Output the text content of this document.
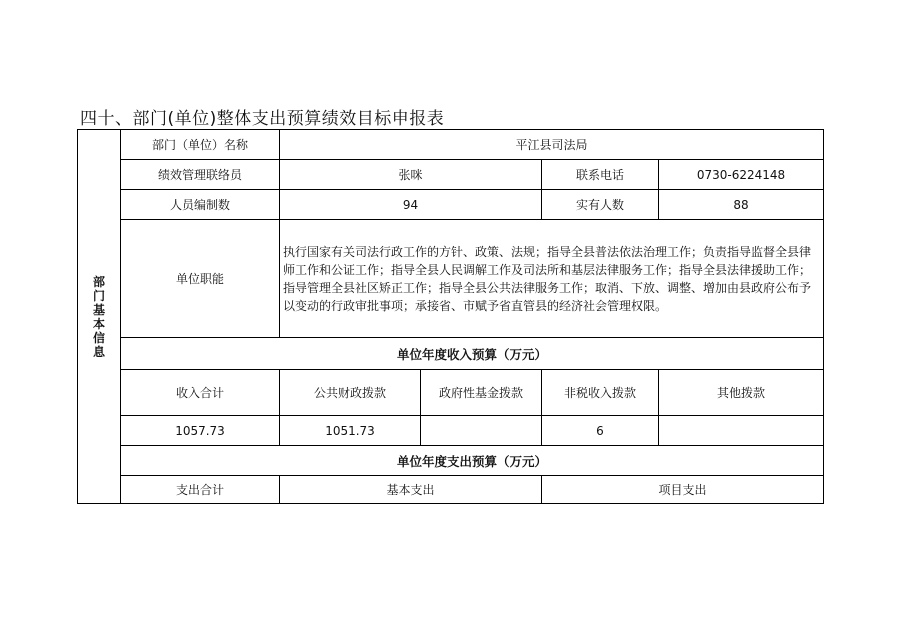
四十、部门(单位)整体支出预算绩效目标申报表
部门基本信息	部门（单位）名称	平江县司法局			
	绩效管理联络员	张咪		联系电话	0730-6224148
	人员编制数	94		实有人数	88
	单位职能	执行国家有关司法行政工作的方针、政策、法规；指导全县普法依法治理工作；负责指导监督全县律师工作和公证工作；指导全县人民调解工作及司法所和基层法律服务工作；指导全县法律援助工作；指导管理全县社区矫正工作；指导全县公共法律服务工作；取消、下放、调整、增加由县政府公布予以变动的行政审批事项；承接省、市赋予省直管县的经济社会管理权限。			
	单位年度收入预算（万元）				
	收入合计	公共财政拨款	政府性基金拨款	非税收入拨款	其他拨款
	1057.73	1051.73		6	
	单位年度支出预算（万元）				
	支出合计	基本支出		项目支出	
